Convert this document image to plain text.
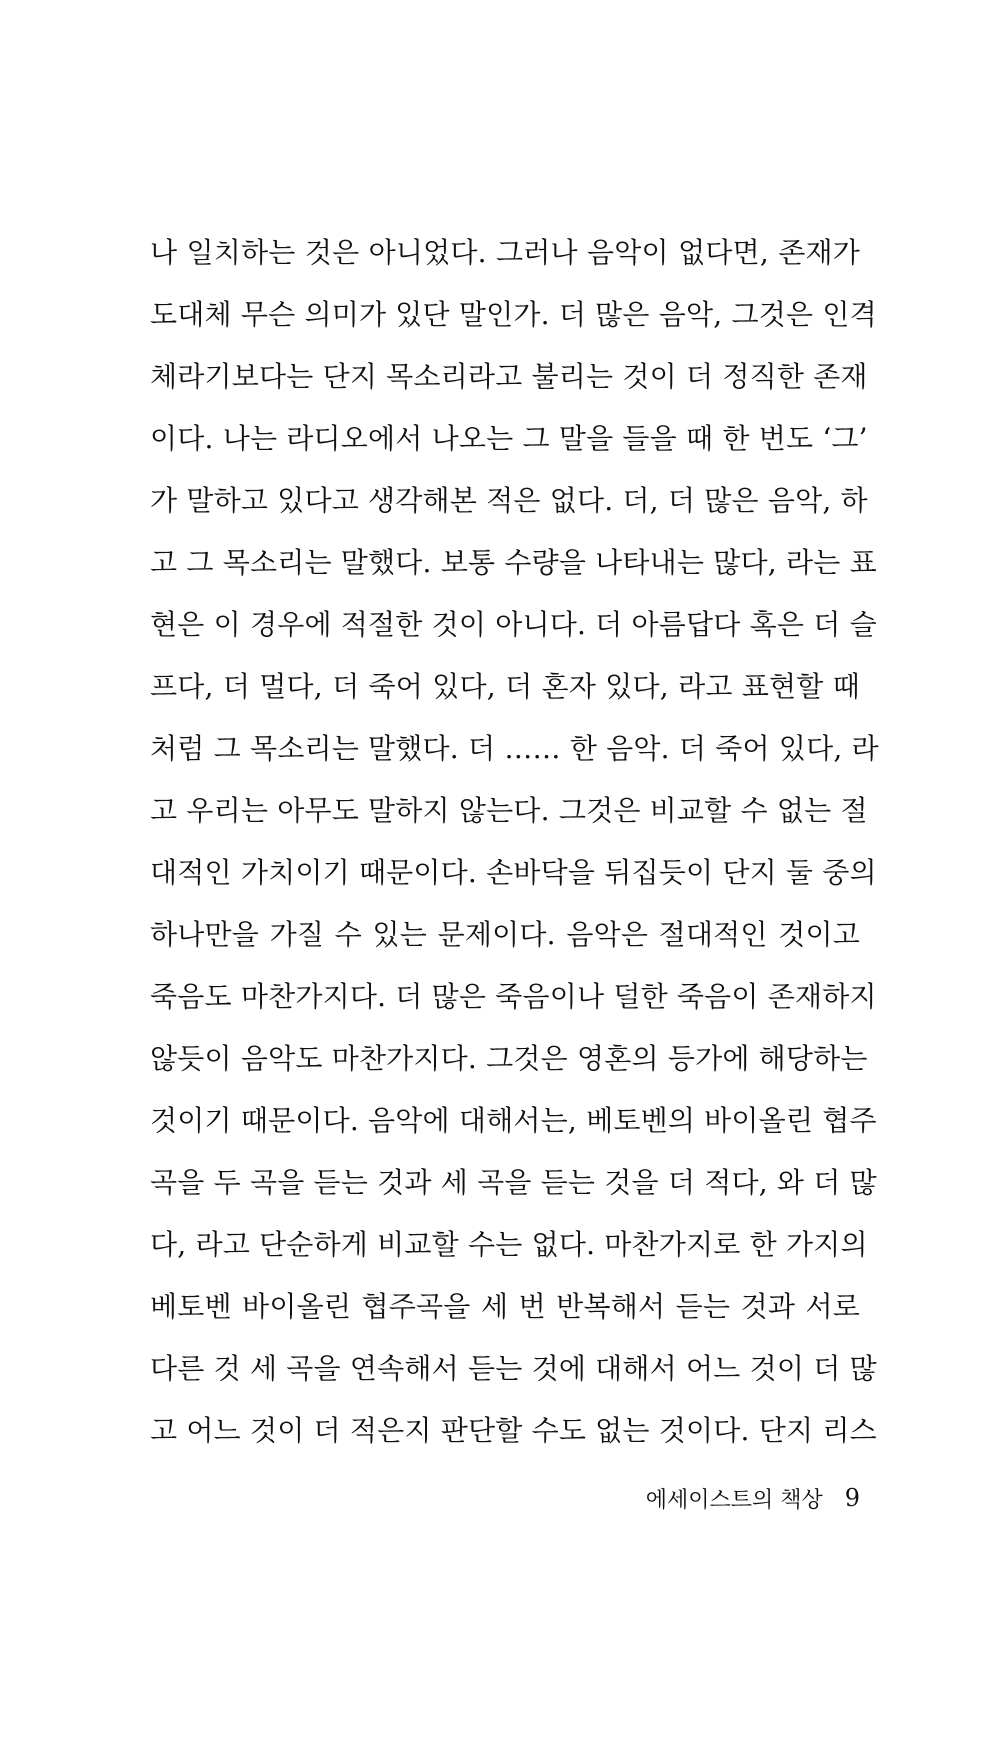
나 일치하는 것은 아니었다. 그러나 음악이 없다면, 존재가
도대체 무슨 의미가 있단 말인가. 더 많은 음악, 그것은 인격
체라기보다는 단지 목소리라고 불리는 것이 더 정직한 존재
이다. 나는 라디오에서 나오는 그 말을 들을 때 한 번도 ‘그’
가 말하고 있다고 생각해본 적은 없다. 더, 더 많은 음악, 하
고 그 목소리는 말했다. 보통 수량을 나타내는 많다, 라는 표
현은 이 경우에 적절한 것이 아니다. 더 아름답다 혹은 더 슬
프다, 더 멀다, 더 죽어 있다, 더 혼자 있다, 라고 표현할 때
처럼 그 목소리는 말했다. 더 …… 한 음악. 더 죽어 있다, 라
고 우리는 아무도 말하지 않는다. 그것은 비교할 수 없는 절
대적인 가치이기 때문이다. 손바닥을 뒤집듯이 단지 둘 중의
하나만을 가질 수 있는 문제이다. 음악은 절대적인 것이고
죽음도 마찬가지다. 더 많은 죽음이나 덜한 죽음이 존재하지
않듯이 음악도 마찬가지다. 그것은 영혼의 등가에 해당하는
것이기 때문이다. 음악에 대해서는, 베토벤의 바이올린 협주
곡을 두 곡을 듣는 것과 세 곡을 듣는 것을 더 적다, 와 더 많
다, 라고 단순하게 비교할 수는 없다. 마찬가지로 한 가지의
베토벤 바이올린 협주곡을 세 번 반복해서 듣는 것과 서로
다른 것 세 곡을 연속해서 듣는 것에 대해서 어느 것이 더 많
고 어느 것이 더 적은지 판단할 수도 없는 것이다. 단지 리스
에세이스트의 책상 9
